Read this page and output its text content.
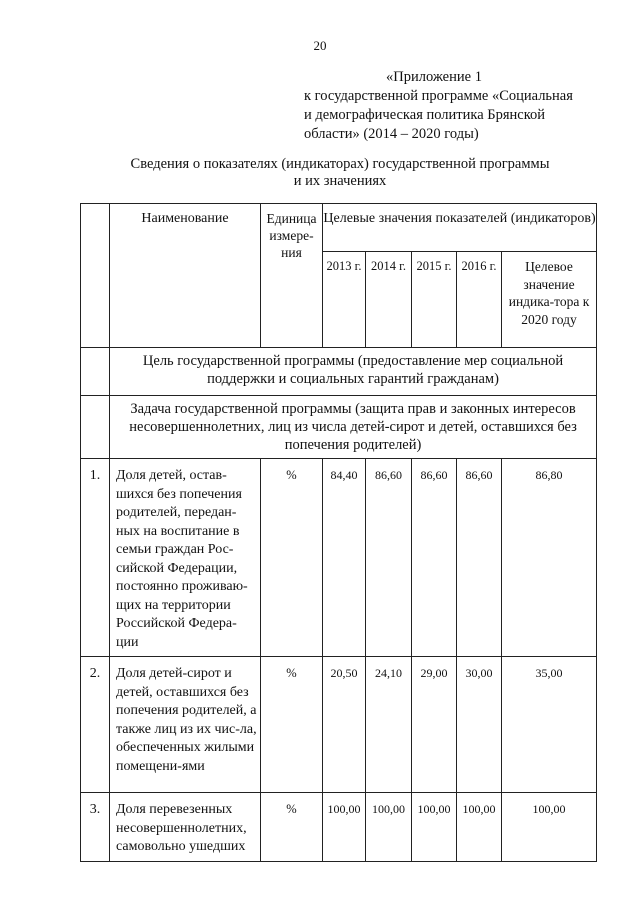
20
«Приложение 1
к государственной программе «Социальная
и демографическая политика Брянской
области» (2014 – 2020 годы)
Сведения о показателях (индикаторах) государственной программы
и их значениях
	Наименование	Единица измере-ния	Целевые значения показателей (индикаторов)				
			2013 г.	2014 г.	2015 г.	2016 г.	Целевое значение индика-тора к 2020 году
	Цель государственной программы (предоставление мер социальной поддержки и социальных гарантий гражданам)						
	Задача государственной программы (защита прав и законных интересов несовершеннолетних, лиц из числа детей-сирот и детей, оставшихся без попечения родителей)						
1.	Доля детей, остав-шихся без попечения родителей, передан-ных на воспитание в семьи граждан Рос-сийской Федерации, постоянно проживаю-щих на территории Российской Федера-ции	%	84,40	86,60	86,60	86,60	86,80
2.	Доля детей-сирот и детей, оставшихся без попечения родителей, а также лиц из их чис-ла, обеспеченных жилыми помещени-ями	%	20,50	24,10	29,00	30,00	35,00
3.	Доля перевезенных несовершеннолетних, самовольно ушедших	%	100,00	100,00	100,00	100,00	100,00
